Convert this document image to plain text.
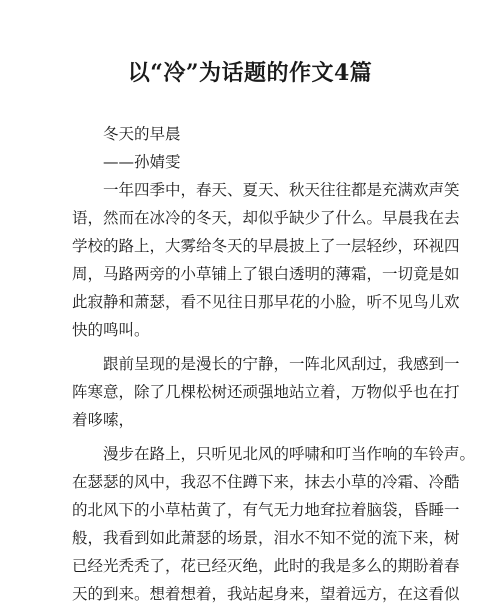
以“冷”为话题的作文4篇

冬天的早晨

——孙婧雯

一年四季中，春天、夏天、秋天往往都是充满欢声笑

语，然而在冰冷的冬天，却似乎缺少了什么。早晨我在去

学校的路上，大雾给冬天的早晨披上了一层轻纱，环视四

周，马路两旁的小草铺上了银白透明的薄霜，一切竟是如

此寂静和萧瑟，看不见往日那早花的小脸，听不见鸟儿欢

快的鸣叫。

跟前呈现的是漫长的宁静，一阵北风刮过，我感到一

阵寒意，除了几棵松树还顽强地站立着，万物似乎也在打

着哆嗦，

漫步在路上，只听见北风的呼啸和叮当作响的车铃声。

在瑟瑟的风中，我忍不住蹲下来，抹去小草的冷霜、冷酷

的北风下的小草枯黄了，有气无力地耷拉着脑袋，昏睡一

般，我看到如此萧瑟的场景，泪水不知不觉的流下来，树

已经光秃秃了，花已经灭绝，此时的我是多么的期盼着春

天的到来。想着想着，我站起身来，望着远方，在这看似
